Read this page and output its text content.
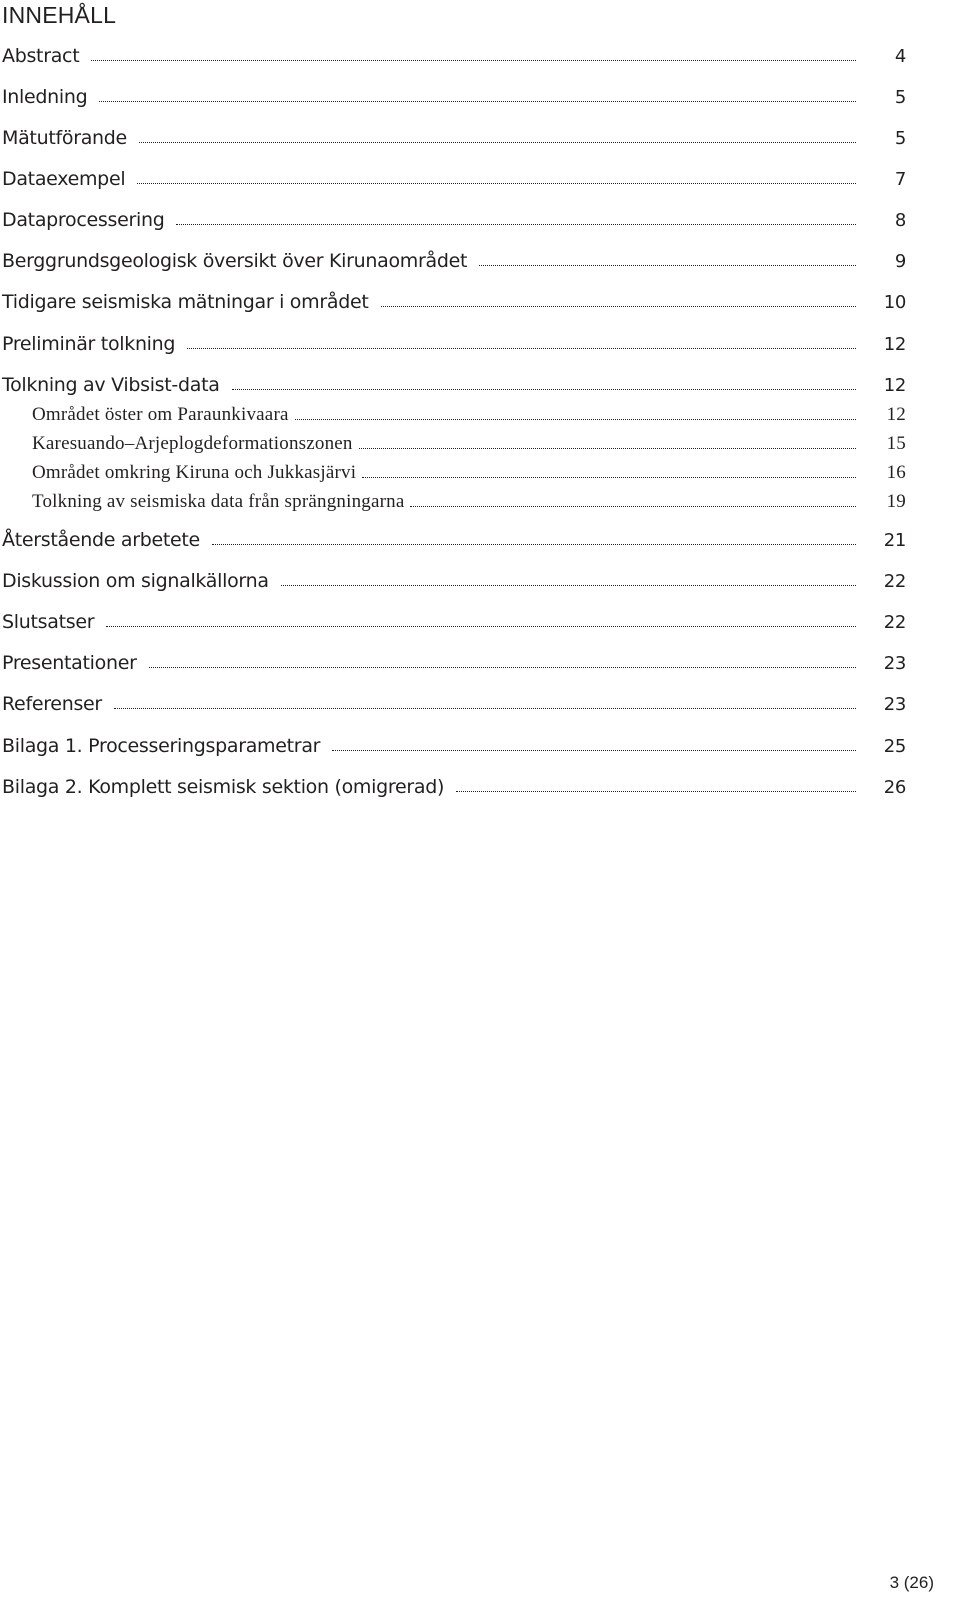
INNEHÅLL
Abstract	4
Inledning	5
Mätutförande	5
Dataexempel	7
Dataprocessering	8
Berggrundsgeologisk översikt över Kirunaområdet	9
Tidigare seismiska mätningar i området	10
Preliminär tolkning	12
Tolkning av Vibsist-data	12
Området öster om Paraunkivaara	12
Karesuando–Arjeplogdeformationszonen	15
Området omkring Kiruna och Jukkasjärvi	16
Tolkning av seismiska data från sprängningarna	19
Återstående arbetete	21
Diskussion om signalkällorna	22
Slutsatser	22
Presentationer	23
Referenser	23
Bilaga 1. Processeringsparametrar	25
Bilaga 2. Komplett seismisk sektion (omigrerad)	26
3 (26)
